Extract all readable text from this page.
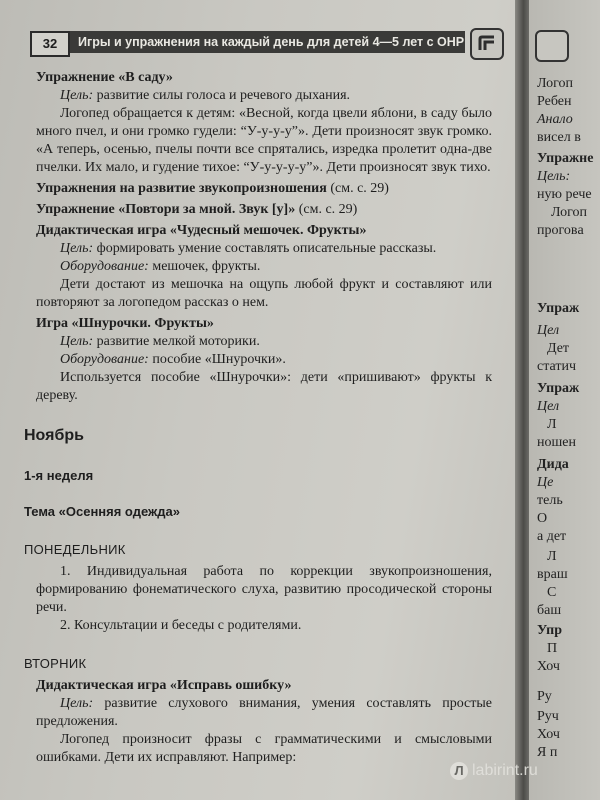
32	Игры и упражнения на каждый день для детей 4—5 лет с ОНР

Упражнение «В саду»

Цель: развитие силы голоса и речевого дыхания.

Логопед обращается к детям: «Весной, когда цвели яблони, в саду было много пчел, и они громко гудели: “У-у-у-у”». Дети произносят звук громко. «А теперь, осенью, пчелы почти все спрятались, изредка пролетит одна-две пчелки. Их мало, и гудение тихое: “У-у-у-у-у”». Дети произносят звук тихо.

Упражнения на развитие звукопроизношения (см. с. 29)

Упражнение «Повтори за мной. Звук [у]» (см. с. 29)

Дидактическая игра «Чудесный мешочек. Фрукты»

Цель: формировать умение составлять описательные рассказы.

Оборудование: мешочек, фрукты.

Дети достают из мешочка на ощупь любой фрукт и составляют или повторяют за логопедом рассказ о нем.

Игра «Шнурочки. Фрукты»

Цель: развитие мелкой моторики.

Оборудование: пособие «Шнурочки».

Используется пособие «Шнурочки»: дети «пришивают» фрукты к дереву.

Ноябрь

1-я неделя

Тема «Осенняя одежда»

ПОНЕДЕЛЬНИК

1. Индивидуальная работа по коррекции звукопроизношения, формированию фонематического слуха, развитию просодической стороны речи.

2. Консультации и беседы с родителями.

ВТОРНИК

Дидактическая игра «Исправь ошибку»

Цель: развитие слухового внимания, умения составлять простые предложения.

Логопед произносит фразы с грамматическими и смысловыми ошибками. Дети их исправляют. Например:

Логоп
Ребен
Анало
висел в
Упражне
Цель:
ную рече
Логоп
проговa
Упраж
Цел
Дет
статич
Упраж
Цел
Л
ношен
Дида
Це
тель
О
а дет
Л
враш
С
баш
Упр
П
Хоч
Ру
Руч
Хоч
Я п
Л labirint.ru
